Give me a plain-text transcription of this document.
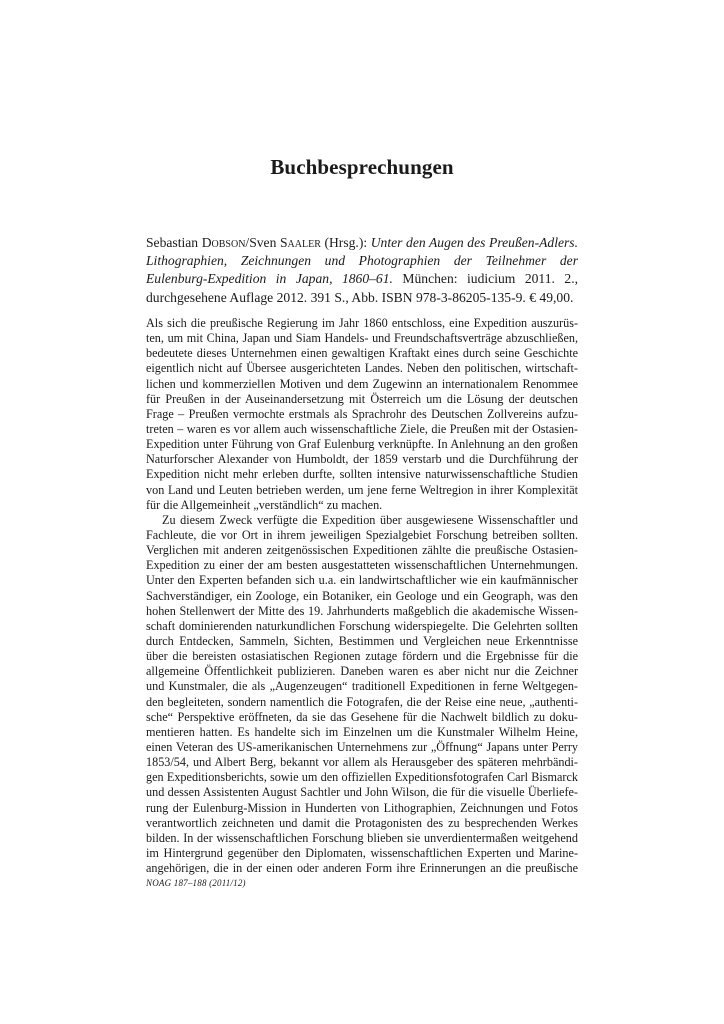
Buchbesprechungen
Sebastian Dobson/Sven Saaler (Hrsg.): Unter den Augen des Preußen-Adlers. Lithographien, Zeichnungen und Photographien der Teilnehmer der Eulenburg-Expedition in Japan, 1860–61. München: iudicium 2011. 2., durchgesehene Auflage 2012. 391 S., Abb. ISBN 978-3-86205-135-9. € 49,00.
Als sich die preußische Regierung im Jahr 1860 entschloss, eine Expedition auszurüs-
ten, um mit China, Japan und Siam Handels- und Freundschaftsverträge abzuschließen,
bedeutete dieses Unternehmen einen gewaltigen Kraftakt eines durch seine Geschichte
eigentlich nicht auf Übersee ausgerichteten Landes. Neben den politischen, wirtschaft-
lichen und kommerziellen Motiven und dem Zugewinn an internationalem Renommee
für Preußen in der Auseinandersetzung mit Österreich um die Lösung der deutschen
Frage – Preußen vermochte erstmals als Sprachrohr des Deutschen Zollvereins aufzu-
treten – waren es vor allem auch wissenschaftliche Ziele, die Preußen mit der Ostasien-
Expedition unter Führung von Graf Eulenburg verknüpfte. In Anlehnung an den großen
Naturforscher Alexander von Humboldt, der 1859 verstarb und die Durchführung der
Expedition nicht mehr erleben durfte, sollten intensive naturwissenschaftliche Studien
von Land und Leuten betrieben werden, um jene ferne Weltregion in ihrer Komplexität
für die Allgemeinheit „verständlich“ zu machen.
Zu diesem Zweck verfügte die Expedition über ausgewiesene Wissenschaftler und
Fachleute, die vor Ort in ihrem jeweiligen Spezialgebiet Forschung betreiben sollten.
Verglichen mit anderen zeitgenössischen Expeditionen zählte die preußische Ostasien-
Expedition zu einer der am besten ausgestatteten wissenschaftlichen Unternehmungen.
Unter den Experten befanden sich u.a. ein landwirtschaftlicher wie ein kaufmännischer
Sachverständiger, ein Zoologe, ein Botaniker, ein Geologe und ein Geograph, was den
hohen Stellenwert der Mitte des 19. Jahrhunderts maßgeblich die akademische Wissen-
schaft dominierenden naturkundlichen Forschung widerspiegelte. Die Gelehrten sollten
durch Entdecken, Sammeln, Sichten, Bestimmen und Vergleichen neue Erkenntnisse
über die bereisten ostasiatischen Regionen zutage fördern und die Ergebnisse für die
allgemeine Öffentlichkeit publizieren. Daneben waren es aber nicht nur die Zeichner
und Kunstmaler, die als „Augenzeugen“ traditionell Expeditionen in ferne Weltgegen-
den begleiteten, sondern namentlich die Fotografen, die der Reise eine neue, „authenti-
sche“ Perspektive eröffneten, da sie das Gesehene für die Nachwelt bildlich zu doku-
mentieren hatten. Es handelte sich im Einzelnen um die Kunstmaler Wilhelm Heine,
einen Veteran des US-amerikanischen Unternehmens zur „Öffnung“ Japans unter Perry
1853/54, und Albert Berg, bekannt vor allem als Herausgeber des späteren mehrbändi-
gen Expeditionsberichts, sowie um den offiziellen Expeditionsfotografen Carl Bismarck
und dessen Assistenten August Sachtler und John Wilson, die für die visuelle Überliefe-
rung der Eulenburg-Mission in Hunderten von Lithographien, Zeichnungen und Fotos
verantwortlich zeichneten und damit die Protagonisten des zu besprechenden Werkes
bilden. In der wissenschaftlichen Forschung blieben sie unverdientermaßen weitgehend
im Hintergrund gegenüber den Diplomaten, wissenschaftlichen Experten und Marine-
angehörigen, die in der einen oder anderen Form ihre Erinnerungen an die preußische
NOAG 187–188 (2011/12)
